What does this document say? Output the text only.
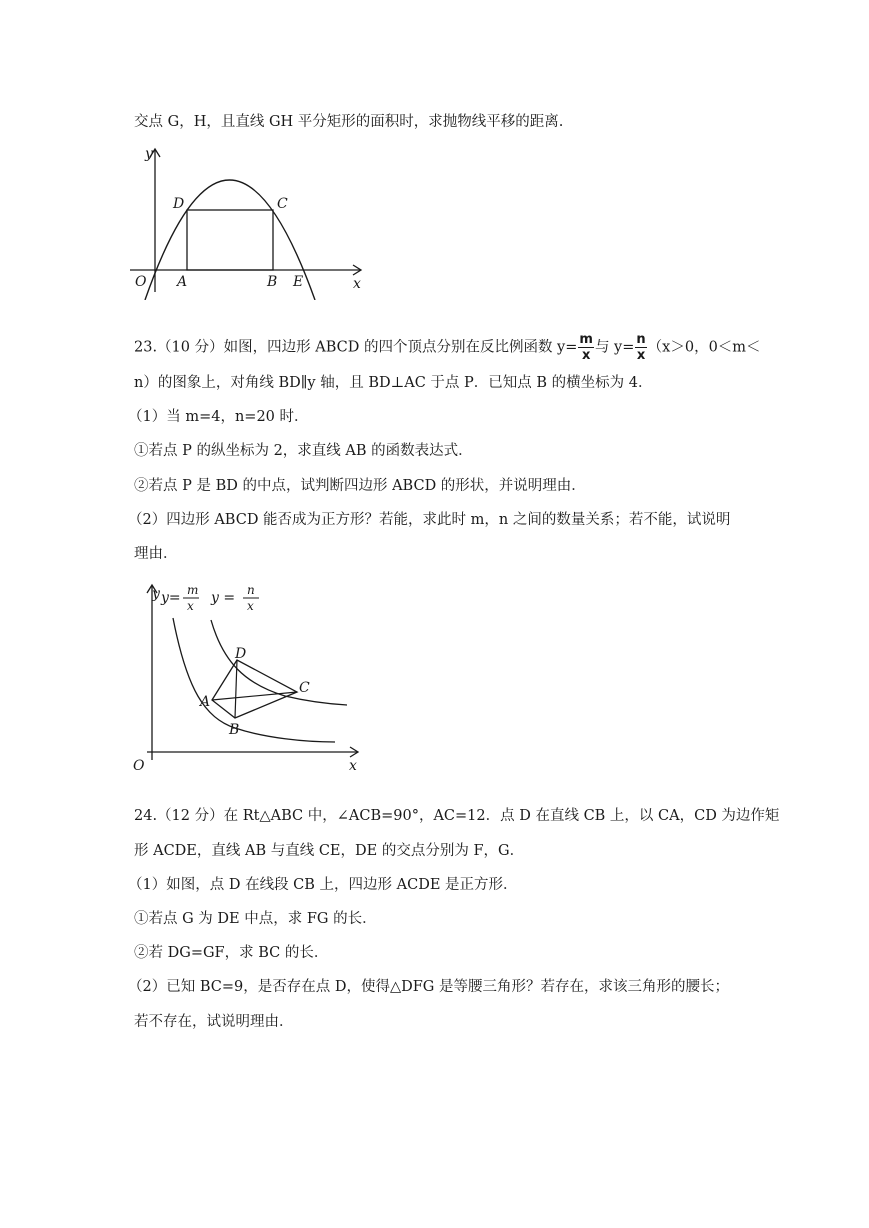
交点 G，H，且直线 GH 平分矩形的面积时，求抛物线平移的距离.
y
x
O A	B E
D	C
23.（10 分）如图，四边形 ABCD 的四个顶点分别在反比例函数 $y= \frac{m}{x}$ 与 $y= \frac{n}{x} (x>0$，0＜m＜
n）的图象上，对角线 BD∥y 轴，且 BD⊥AC 于点 P．已知点 B 的横坐标为 4．
（1）当 m=4，n=20 时．
①若点 P 的纵坐标为 2，求直线 AB 的函数表达式．
②若点 P 是 BD 的中点，试判断四边形 ABCD 的形状，并说明理由．
（2）四边形 ABCD 能否成为正方形？若能，求此时 m，n 之间的数量关系；若不能，试说明
理由．
y y= m
x y = n
x
D
C
A
B
O	x
24.（12 分）在 Rt△ABC 中，∠ACB=90°，AC=12．点 D 在直线 CB 上，以 CA，CD 为边作矩
形 ACDE，直线 AB 与直线 CE，DE 的交点分别为 F，G．
（1）如图，点 D 在线段 CB 上，四边形 ACDE 是正方形．
①若点 G 为 DE 中点，求 FG 的长．
②若 DG=GF，求 BC 的长．
（2）已知 BC=9，是否存在点 D，使得△DFG 是等腰三角形？若存在，求该三角形的腰长；
若不存在，试说明理由．
